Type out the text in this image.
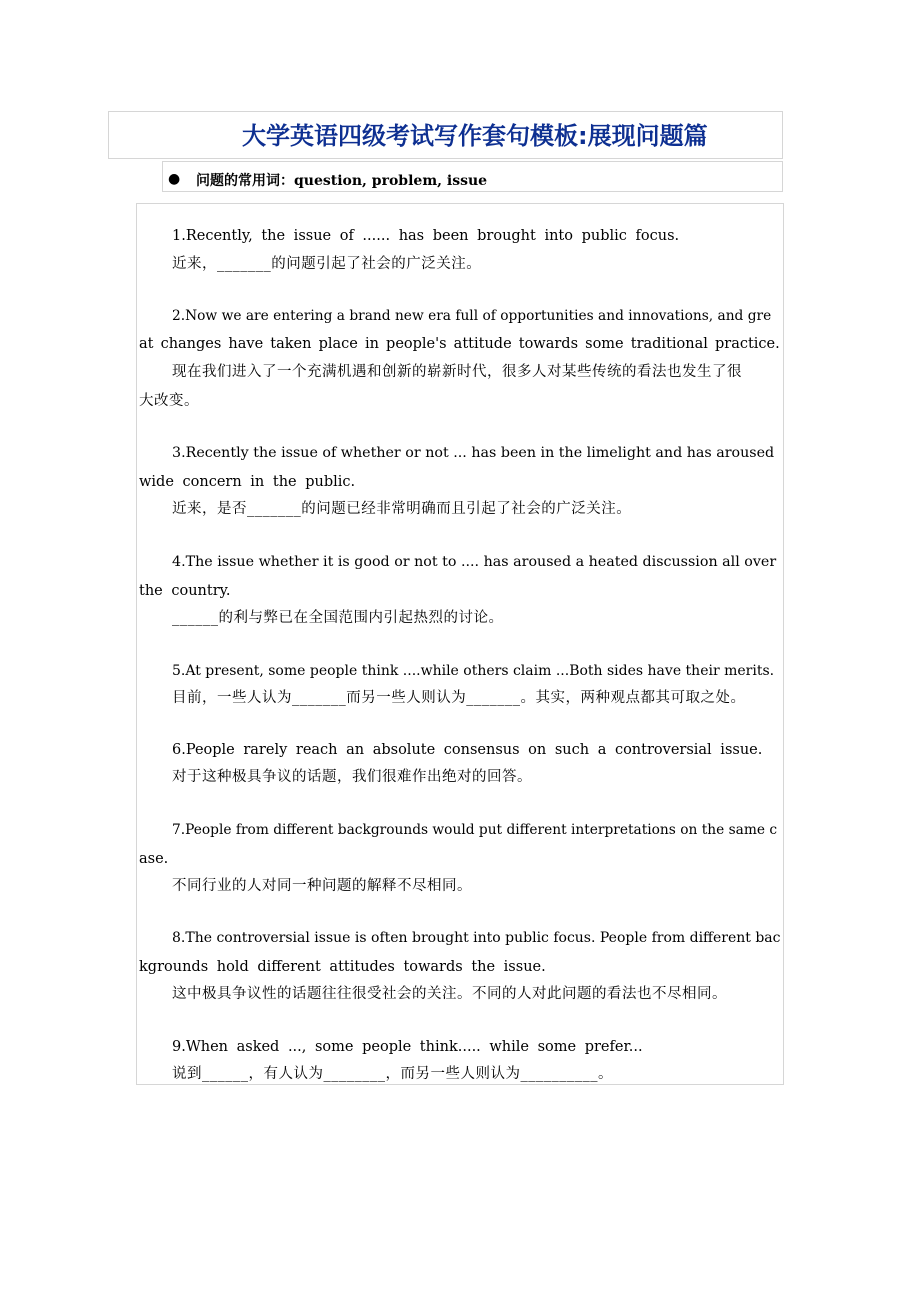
大学英语四级考试写作套句模板:展现问题篇
● 问题的常用词：question, problem, issue
1.Recently, the issue of ...... has been brought into public focus.
近来，_______的问题引起了社会的广泛关注。
2.Now we are entering a brand new era full of opportunities and innovations, and gre
at changes have taken place in people's attitude towards some traditional practice.
现在我们进入了一个充满机遇和创新的崭新时代，很多人对某些传统的看法也发生了很
大改变。
3.Recently the issue of whether or not ... has been in the limelight and has aroused
wide concern in the public.
近来，是否_______的问题已经非常明确而且引起了社会的广泛关注。
4.The issue whether it is good or not to .... has aroused a heated discussion all over
the country.
______的利与弊已在全国范围内引起热烈的讨论。
5.At present, some people think ....while others claim ...Both sides have their merits.
目前，一些人认为_______而另一些人则认为_______。其实，两种观点都其可取之处。
6.People rarely reach an absolute consensus on such a controversial issue.
对于这种极具争议的话题，我们很难作出绝对的回答。
7.People from different backgrounds would put different interpretations on the same c
ase.
不同行业的人对同一种问题的解释不尽相同。
8.The controversial issue is often brought into public focus. People from different bac
kgrounds hold different attitudes towards the issue.
这中极具争议性的话题往往很受社会的关注。不同的人对此问题的看法也不尽相同。
9.When asked ..., some people think..... while some prefer...
说到______，有人认为________，而另一些人则认为__________。
